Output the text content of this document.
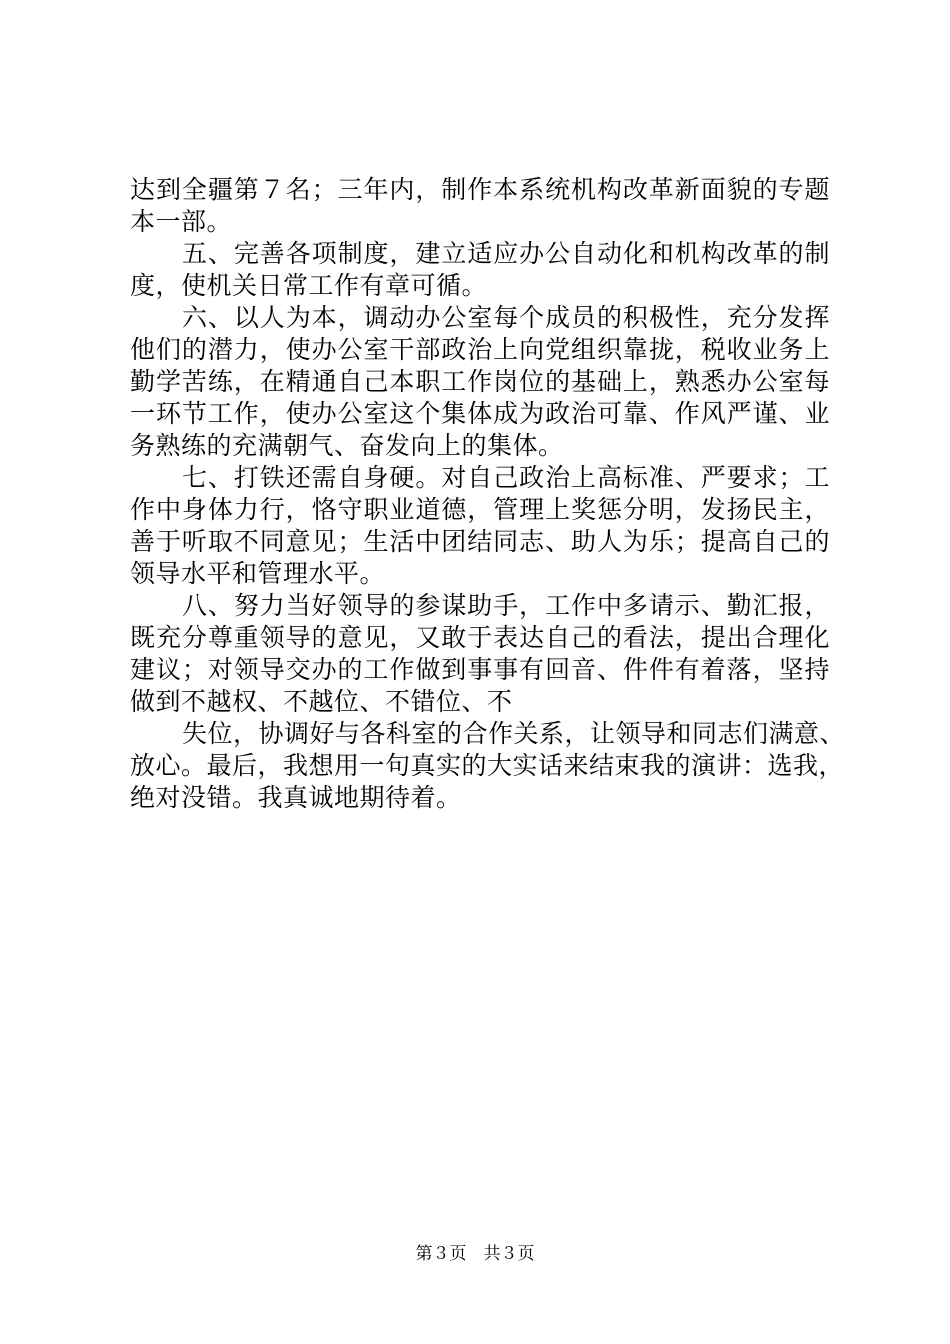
达到全疆第７名；三年内，制作本系统机构改革新面貌的专题
本一部。
五、完善各项制度，建立适应办公自动化和机构改革的制
度，使机关日常工作有章可循。
六、以人为本，调动办公室每个成员的积极性，充分发挥
他们的潜力，使办公室干部政治上向党组织靠拢，税收业务上
勤学苦练，在精通自己本职工作岗位的基础上，熟悉办公室每
一环节工作，使办公室这个集体成为政治可靠、作风严谨、业
务熟练的充满朝气、奋发向上的集体。
七、打铁还需自身硬。对自己政治上高标准、严要求；工
作中身体力行，恪守职业道德，管理上奖惩分明，发扬民主，
善于听取不同意见；生活中团结同志、助人为乐；提高自己的
领导水平和管理水平。
八、努力当好领导的参谋助手，工作中多请示、勤汇报，
既充分尊重领导的意见，又敢于表达自己的看法，提出合理化
建议；对领导交办的工作做到事事有回音、件件有着落，坚持
做到不越权、不越位、不错位、不
失位，协调好与各科室的合作关系，让领导和同志们满意、
放心。最后，我想用一句真实的大实话来结束我的演讲：选我，
绝对没错。我真诚地期待着。
第３页　共３页
